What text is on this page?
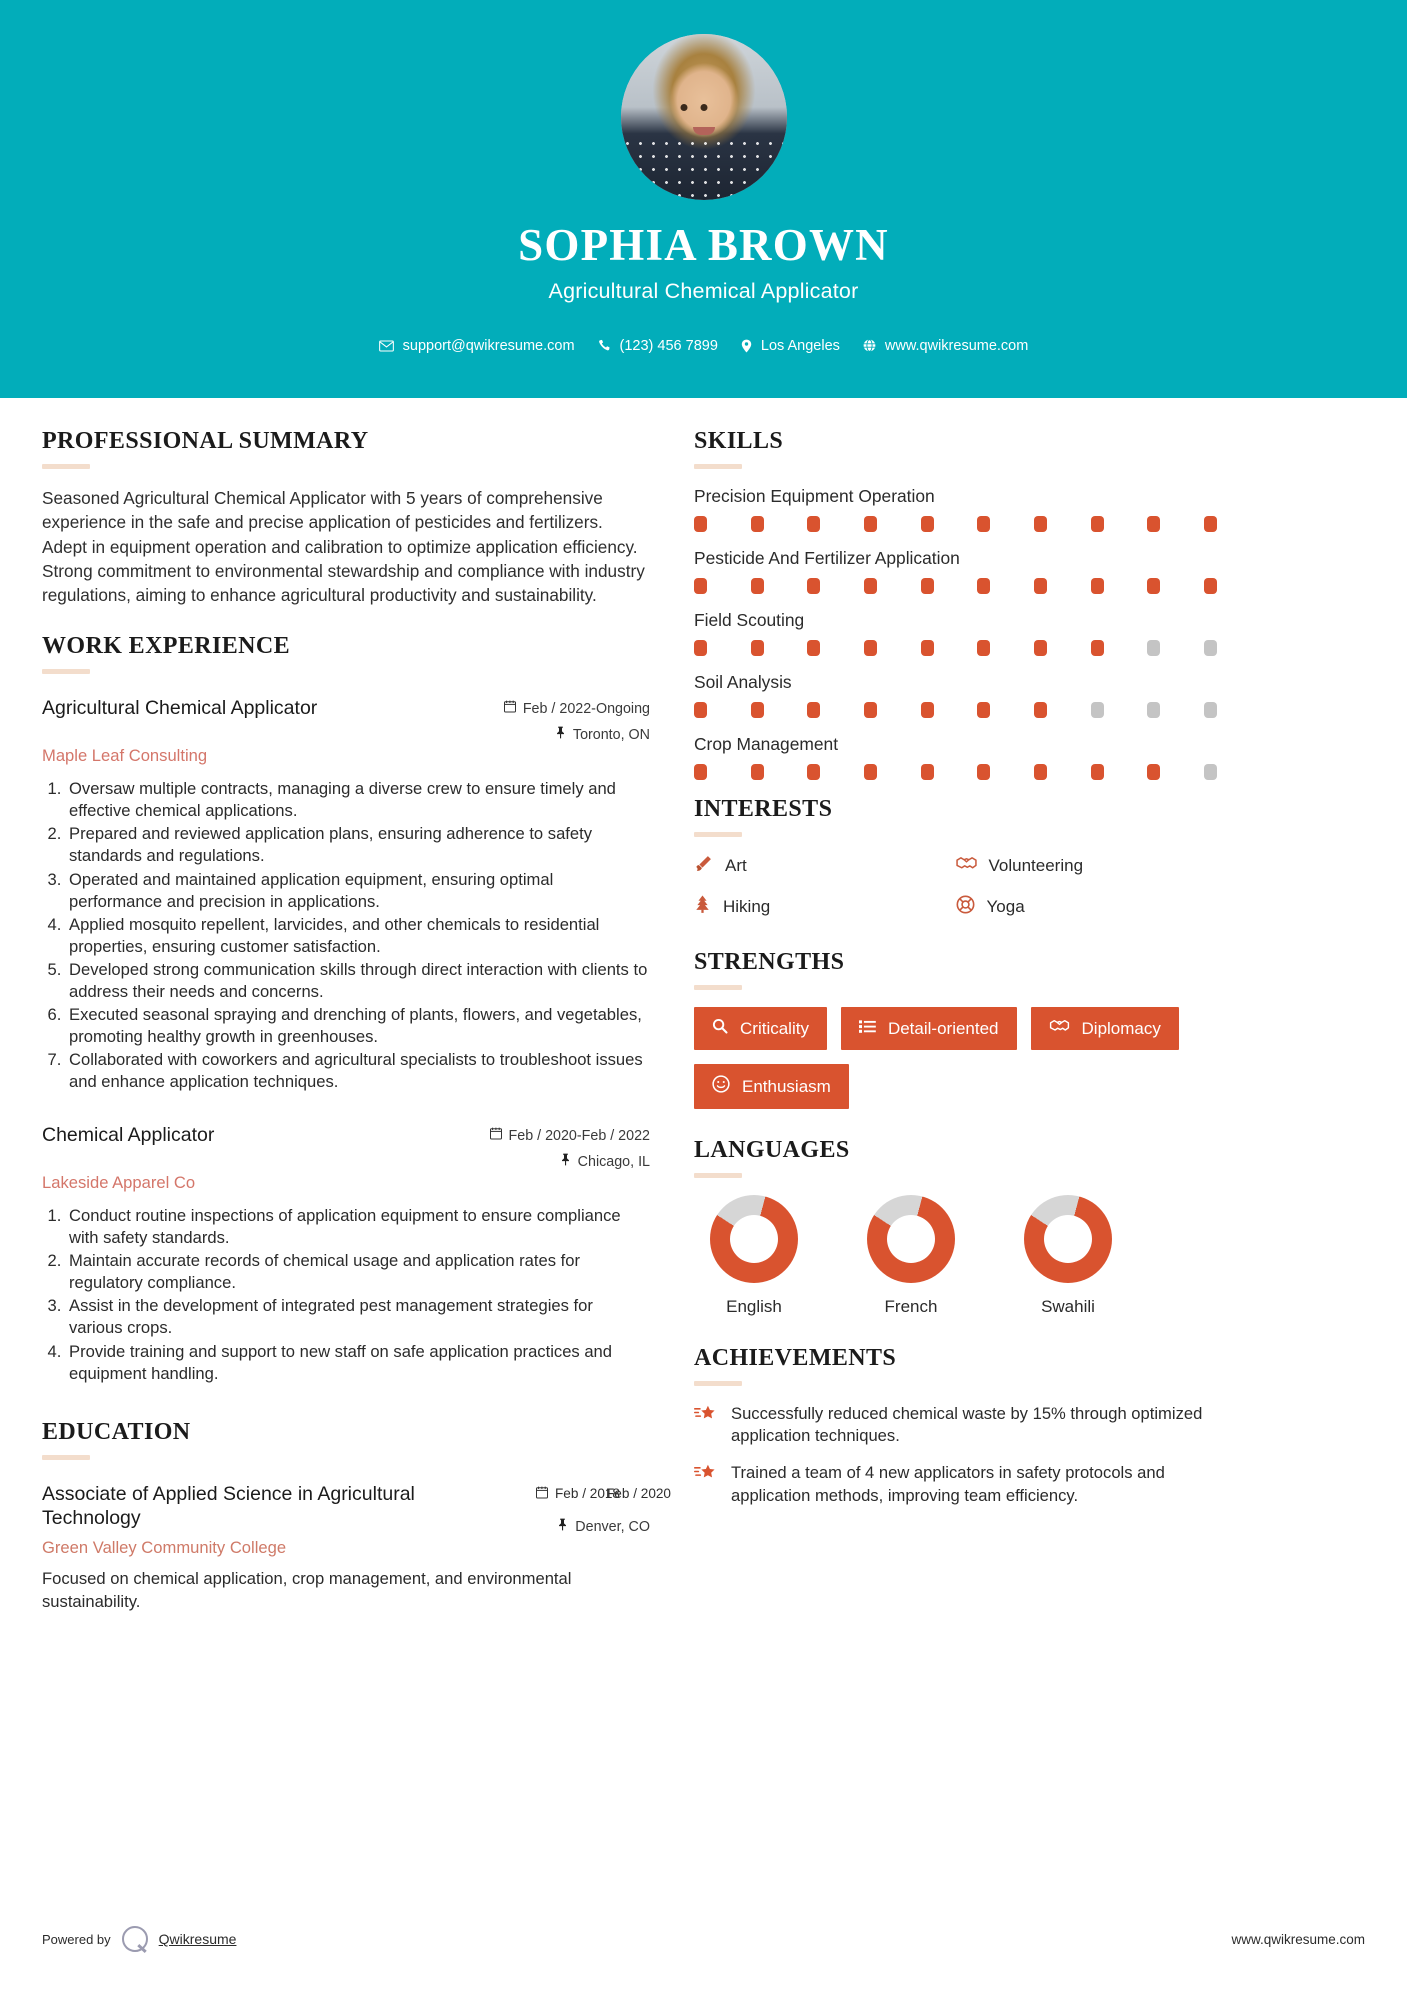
SOPHIA BROWN
Agricultural Chemical Applicator
support@qwikresume.com	(123) 456 7899	Los Angeles	www.qwikresume.com
PROFESSIONAL SUMMARY
Seasoned Agricultural Chemical Applicator with 5 years of comprehensive experience in the safe and precise application of pesticides and fertilizers. Adept in equipment operation and calibration to optimize application efficiency. Strong commitment to environmental stewardship and compliance with industry regulations, aiming to enhance agricultural productivity and sustainability.
WORK EXPERIENCE
Agricultural Chemical Applicator	Feb / 2022-Ongoing
Toronto, ON
Maple Leaf Consulting
1. Oversaw multiple contracts, managing a diverse crew to ensure timely and effective chemical applications.
2. Prepared and reviewed application plans, ensuring adherence to safety standards and regulations.
3. Operated and maintained application equipment, ensuring optimal performance and precision in applications.
4. Applied mosquito repellent, larvicides, and other chemicals to residential properties, ensuring customer satisfaction.
5. Developed strong communication skills through direct interaction with clients to address their needs and concerns.
6. Executed seasonal spraying and drenching of plants, flowers, and vegetables, promoting healthy growth in greenhouses.
7. Collaborated with coworkers and agricultural specialists to troubleshoot issues and enhance application techniques.
Chemical Applicator	Feb / 2020-Feb / 2022
Chicago, IL
Lakeside Apparel Co
1. Conduct routine inspections of application equipment to ensure compliance with safety standards.
2. Maintain accurate records of chemical usage and application rates for regulatory compliance.
3. Assist in the development of integrated pest management strategies for various crops.
4. Provide training and support to new staff on safe application practices and equipment handling.
EDUCATION
Associate of Applied Science in Agricultural Technology
Feb / 2018
Feb / 2020
Denver, CO
Green Valley Community College
Focused on chemical application, crop management, and environmental sustainability.
SKILLS
Precision Equipment Operation
Pesticide And Fertilizer Application
Field Scouting
Soil Analysis
Crop Management
INTERESTS
Art	Volunteering
Hiking	Yoga
STRENGTHS
Criticality	Detail-oriented	Diplomacy
Enthusiasm
LANGUAGES
English	French	Swahili
ACHIEVEMENTS
Successfully reduced chemical waste by 15% through optimized application techniques.
Trained a team of 4 new applicators in safety protocols and application methods, improving team efficiency.
Powered by	Qwikresume	www.qwikresume.com
